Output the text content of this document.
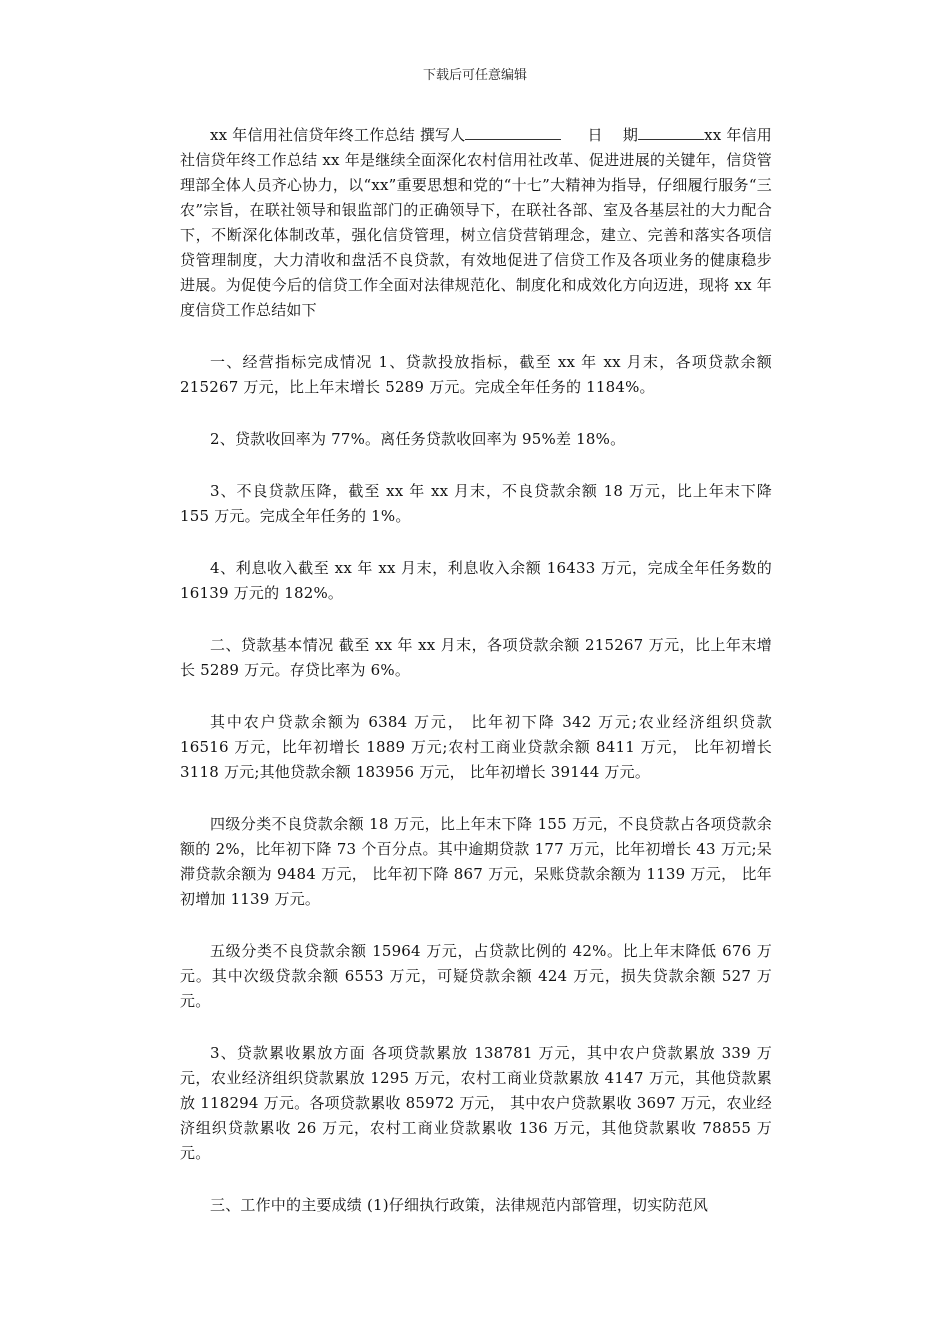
下载后可任意编辑
xx 年信用社信贷年终工作总结 撰写人	日　 期	xx 年信用社信贷年终工作总结 xx 年是继续全面深化农村信用社改革、促进进展的关键年，信贷管理部全体人员齐心协力，以“xx”重要思想和党的“十七”大精神为指导，仔细履行服务“三农”宗旨，在联社领导和银监部门的正确领导下，在联社各部、室及各基层社的大力配合下，不断深化体制改革，强化信贷管理，树立信贷营销理念，建立、完善和落实各项信贷管理制度，大力清收和盘活不良贷款，有效地促进了信贷工作及各项业务的健康稳步进展。为促使今后的信贷工作全面对法律规范化、制度化和成效化方向迈进，现将 xx 年度信贷工作总结如下

一、经营指标完成情况 1、贷款投放指标，截至 xx 年 xx 月末，各项贷款余额 215267 万元，比上年末增长 5289 万元。完成全年任务的 1184%。

2、贷款收回率为 77%。离任务贷款收回率为 95%差 18%。

3、不良贷款压降，截至 xx 年 xx 月末，不良贷款余额 18 万元，比上年末下降 155 万元。完成全年任务的 1%。

4、利息收入截至 xx 年 xx 月末，利息收入余额 16433 万元，完成全年任务数的 16139 万元的 182%。

二、贷款基本情况 截至 xx 年 xx 月末，各项贷款余额 215267 万元，比上年末增长 5289 万元。存贷比率为 6%。

其中农户贷款余额为 6384 万元， 比年初下降 342 万元;农业经济组织贷款 16516 万元，比年初增长 1889 万元;农村工商业贷款余额 8411 万元， 比年初增长 3118 万元;其他贷款余额 183956 万元， 比年初增长 39144 万元。

四级分类不良贷款余额 18 万元，比上年末下降 155 万元，不良贷款占各项贷款余额的 2%，比年初下降 73 个百分点。其中逾期贷款 177 万元，比年初增长 43 万元;呆滞贷款余额为 9484 万元， 比年初下降 867 万元，呆账贷款余额为 1139 万元， 比年初增加 1139 万元。

五级分类不良贷款余额 15964 万元，占贷款比例的 42%。比上年末降低 676 万元。其中次级贷款余额 6553 万元，可疑贷款余额 424 万元，损失贷款余额 527 万元。

3、贷款累收累放方面 各项贷款累放 138781 万元，其中农户贷款累放 339 万元，农业经济组织贷款累放 1295 万元，农村工商业贷款累放 4147 万元，其他贷款累放 118294 万元。各项贷款累收 85972 万元， 其中农户贷款累收 3697 万元，农业经济组织贷款累收 26 万元，农村工商业贷款累收 136 万元，其他贷款累收 78855 万元。

三、工作中的主要成绩 (1)仔细执行政策，法律规范内部管理，切实防范风
